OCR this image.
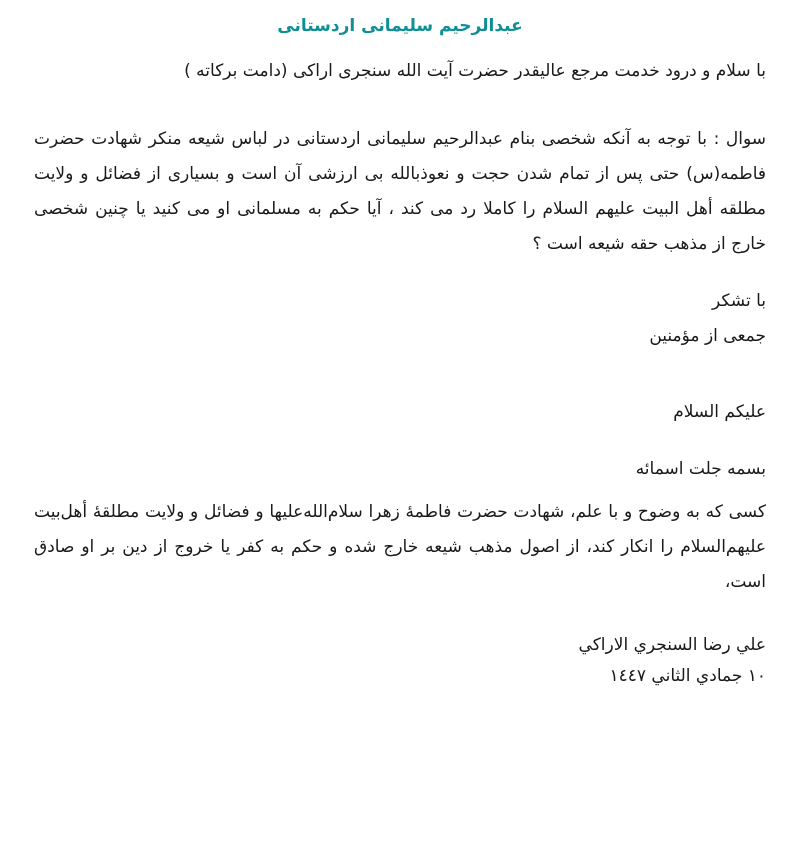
عبدالرحیم سلیمانی اردستانی

با سلام و درود خدمت مرجع عالیقدر حضرت آیت الله سنجری اراکی (دامت برکاته )

سوال : با توجه به آنکه شخصی بنام عبدالرحیم سلیمانی اردستانی در لباس شیعه منکر شهادت حضرت فاطمه(س) حتی پس از تمام شدن حجت و نعوذبالله بی ارزشی آن است و بسیاری از فضائل و ولایت مطلقه أهل البیت علیهم السلام را کاملا رد می کند ، آیا حکم به مسلمانی او می کنید یا چنین شخصی خارج از مذهب حقه شیعه است ؟

با تشکر

جمعی از مؤمنین

علیکم السلام

بسمه جلت اسمائه

کسی که به وضوح و با علم، شهادت حضرت فاطمهٔ زهرا سلام‌الله‌علیها و فضائل و ولایت مطلقهٔ أهل‌بیت علیهم‌السلام را انکار کند، از اصول مذهب شیعه خارج شده و حکم به کفر یا خروج از دین بر او صادق است،

علي رضا السنجري الاراكي

١٠ جمادي الثاني ١٤٤٧
